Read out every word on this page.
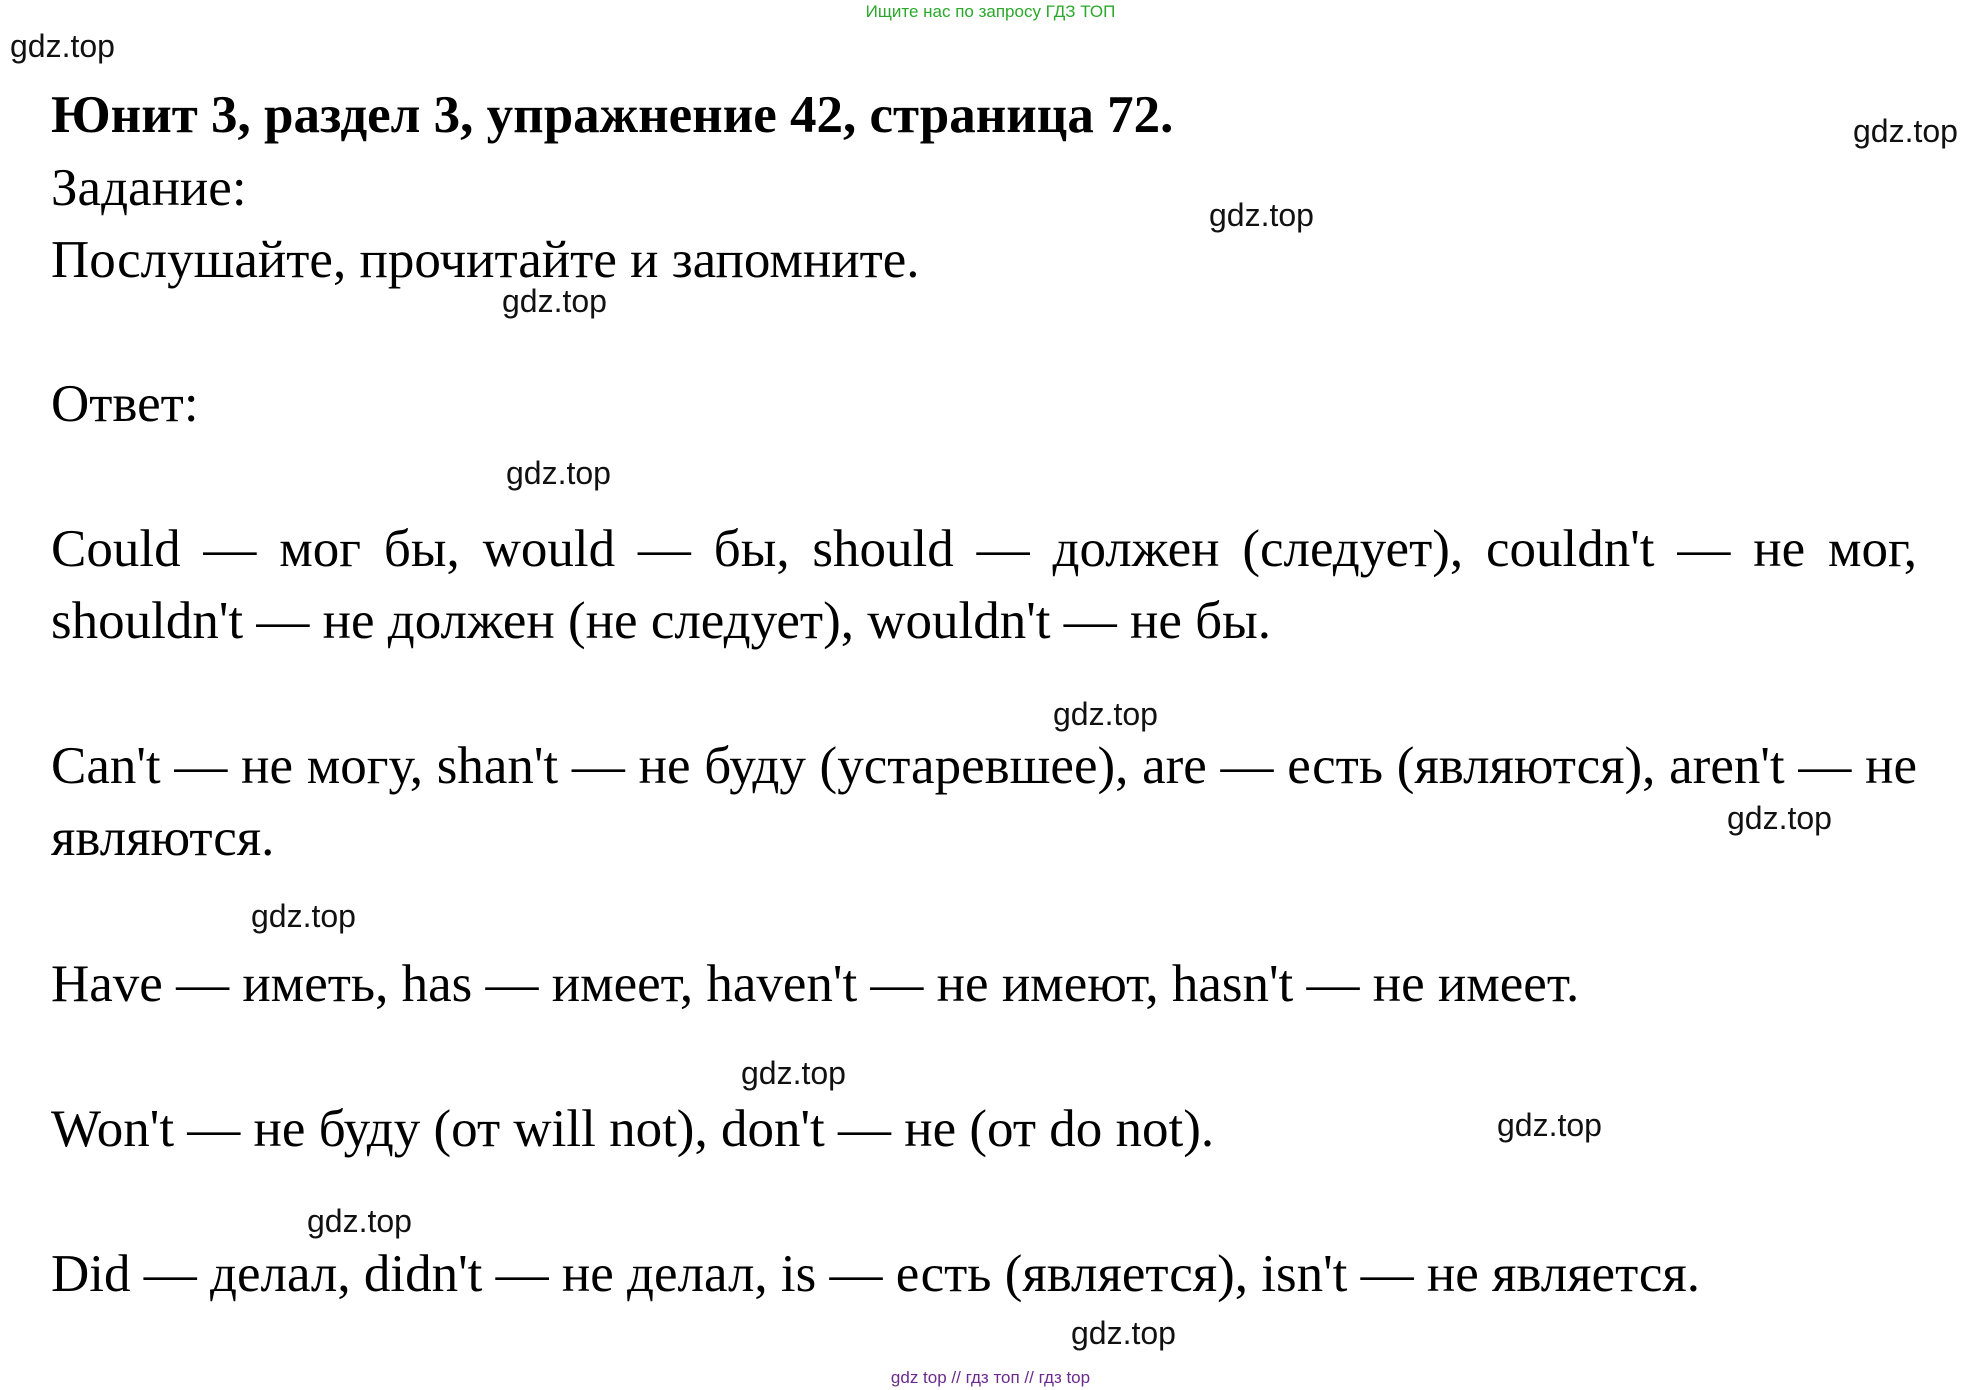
Ищите нас по запросу ГДЗ ТОП
gdz.top
gdz.top
gdz.top
gdz.top
gdz.top
gdz.top
gdz.top
gdz.top
gdz.top
gdz.top
gdz.top
gdz.top
Юнит 3, раздел 3, упражнение 42, страница 72.
Задание:
Послушайте, прочитайте и запомните.
Ответ:
Could — мог бы, would — бы, should — должен (следует), couldn't — не мог, shouldn't — не должен (не следует), wouldn't — не бы.
Can't — не могу, shan't — не буду (устаревшее), are — есть (являются), aren't — не являются.
Have — иметь, has — имеет, haven't — не имеют, hasn't — не имеет.
Won't — не буду (от will not), don't — не (от do not).
Did — делал, didn't — не делал, is — есть (является), isn't — не является.
gdz top // гдз топ // гдз top
